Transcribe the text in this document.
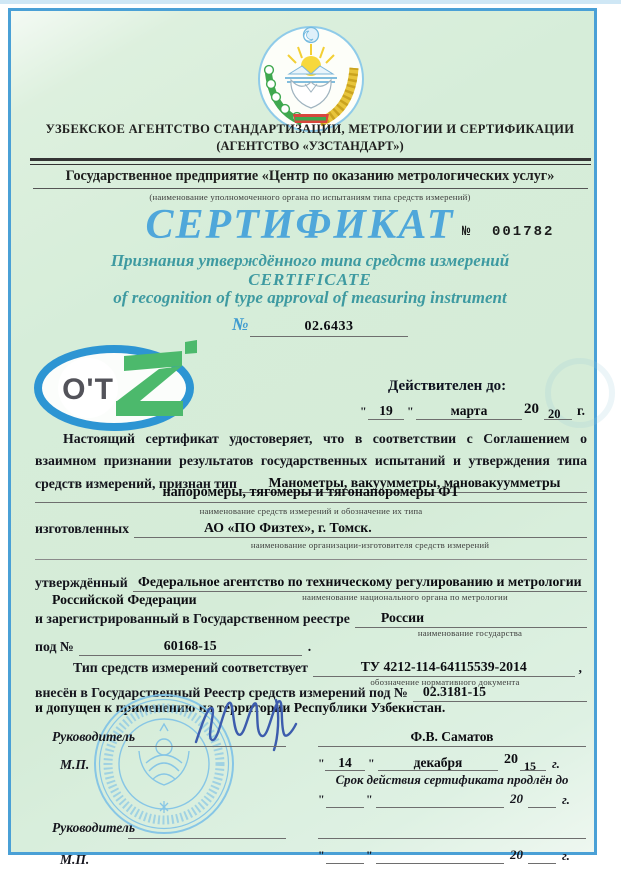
УЗБЕКСКОЕ АГЕНТСТВО СТАНДАРТИЗАЦИИ, МЕТРОЛОГИИ И СЕРТИФИКАЦИИ
(АГЕНТСТВО «УЗСТАНДАРТ»)
Государственное предприятие «Центр по оказанию метрологических услуг»
(наименование уполномоченного органа по испытаниям типа средств измерений)
СЕРТИФИКАТ № 001782
Признания утверждённого типа средств измерений
CERTIFICATE
of recognition of type approval of measuring instrument
№	02.6433
O'T	Действителен до:
" 19	"	марта	20 20 г.
Настоящий сертификат удостоверяет, что в соответствии с Соглашением о
взаимном признании результатов государственных испытаний и утверждения типа
средств измерений, признан тип	Манометры, вакуумметры, мановакуумметры
напоромеры, тягомеры и тягонапоромеры ФТ
наименование средств измерений и обозначение их типа
изготовленных	АО «ПО Физтех», г. Томск.
наименование организации-изготовителя средств измерений
утверждённый Федеральное агентство по техническому регулированию и метрологии
Российской Федерации	наименование национального органа по метрологии
и зарегистрированный в Государственном реестре	России
наименование государства
под №	60168-15	.
Тип средств измерений соответствует	ТУ 4212-114-64115539-2014	,
обозначение нормативного документа
внесён в Государственный Реестр средств измерений под №	02.3181-15
и допущен к применению на территории Республики Узбекистан.
Руководитель	Ф.В. Саматов
М.П.	"	14	"	декабря	20 15 г.
Срок действия сертификата продлён до
"	"	20	г.
Руководитель
М.П.	"	"	20	г.
